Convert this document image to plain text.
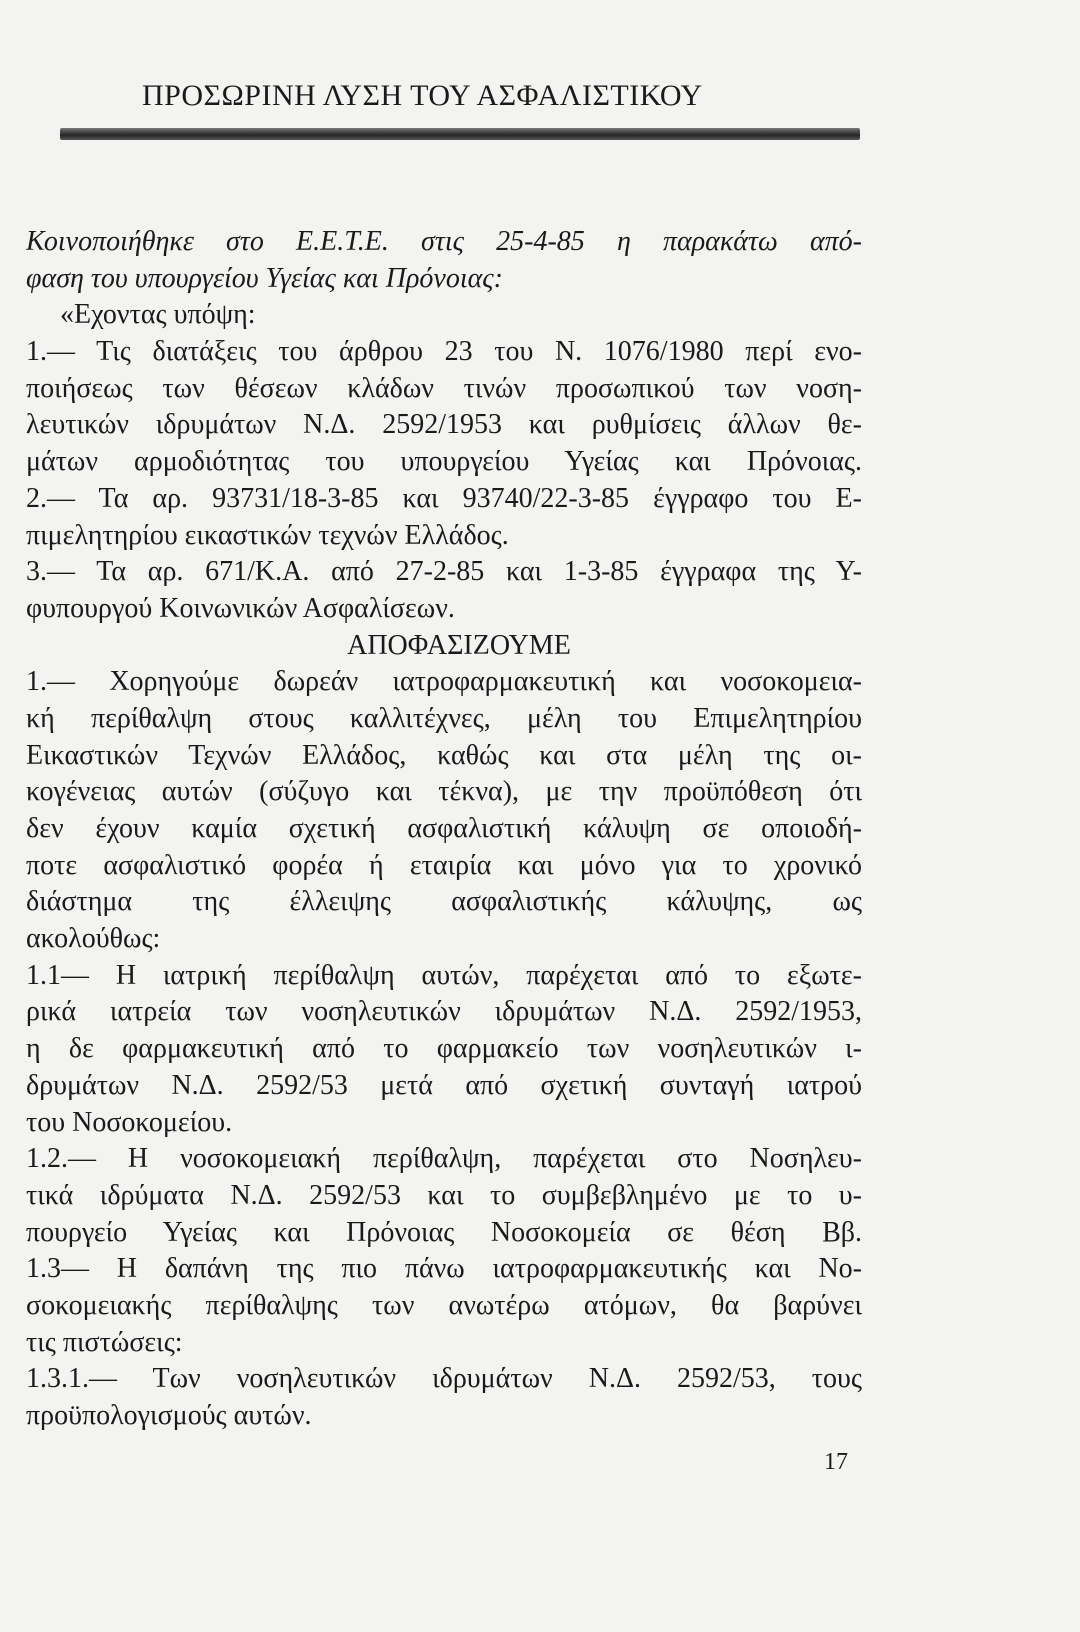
ΠΡΟΣΩΡΙΝΗ ΛΥΣΗ ΤΟΥ ΑΣΦΑΛΙΣΤΙΚΟΥ
Κοινοποιήθηκε στο Ε.Ε.Τ.Ε. στις 25-4-85 η παρακάτω από-
φαση του υπουργείου Υγείας και Πρόνοιας:
«Εχοντας υπόψη:
1.— Τις διατάξεις του άρθρου 23 του Ν. 1076/1980 περί ενο-
ποιήσεως των θέσεων κλάδων τινών προσωπικού των νοση-
λευτικών ιδρυμάτων Ν.Δ. 2592/1953 και ρυθμίσεις άλλων θε-
μάτων αρμοδιότητας του υπουργείου Υγείας και Πρόνοιας.
2.— Τα αρ. 93731/18-3-85 και 93740/22-3-85 έγγραφο του Ε-
πιμελητηρίου εικαστικών τεχνών Ελλάδος.
3.— Τα αρ. 671/Κ.Α. από 27-2-85 και 1-3-85 έγγραφα της Υ-
φυπουργού Κοινωνικών Ασφαλίσεων.
ΑΠΟΦΑΣΙΖΟΥΜΕ
1.— Χορηγούμε δωρεάν ιατροφαρμακευτική και νοσοκομεια-
κή περίθαλψη στους καλλιτέχνες, μέλη του Επιμελητηρίου
Εικαστικών Τεχνών Ελλάδος, καθώς και στα μέλη της οι-
κογένειας αυτών (σύζυγο και τέκνα), με την προϋπόθεση ότι
δεν έχουν καμία σχετική ασφαλιστική κάλυψη σε οποιοδή-
ποτε ασφαλιστικό φορέα ή εταιρία και μόνο για το χρονικό
διάστημα της έλλειψης ασφαλιστικής κάλυψης, ως
ακολούθως:
1.1— Η ιατρική περίθαλψη αυτών, παρέχεται από το εξωτε-
ρικά ιατρεία των νοσηλευτικών ιδρυμάτων Ν.Δ. 2592/1953,
η δε φαρμακευτική από το φαρμακείο των νοσηλευτικών ι-
δρυμάτων Ν.Δ. 2592/53 μετά από σχετική συνταγή ιατρού
του Νοσοκομείου.
1.2.— Η νοσοκομειακή περίθαλψη, παρέχεται στο Νοσηλευ-
τικά ιδρύματα Ν.Δ. 2592/53 και το συμβεβλημένο με το υ-
πουργείο Υγείας και Πρόνοιας Νοσοκομεία σε θέση Ββ.
1.3— Η δαπάνη της πιο πάνω ιατροφαρμακευτικής και Νο-
σοκομειακής περίθαλψης των ανωτέρω ατόμων, θα βαρύνει
τις πιστώσεις:
1.3.1.— Των νοσηλευτικών ιδρυμάτων Ν.Δ. 2592/53, τους
προϋπολογισμούς αυτών.
17
